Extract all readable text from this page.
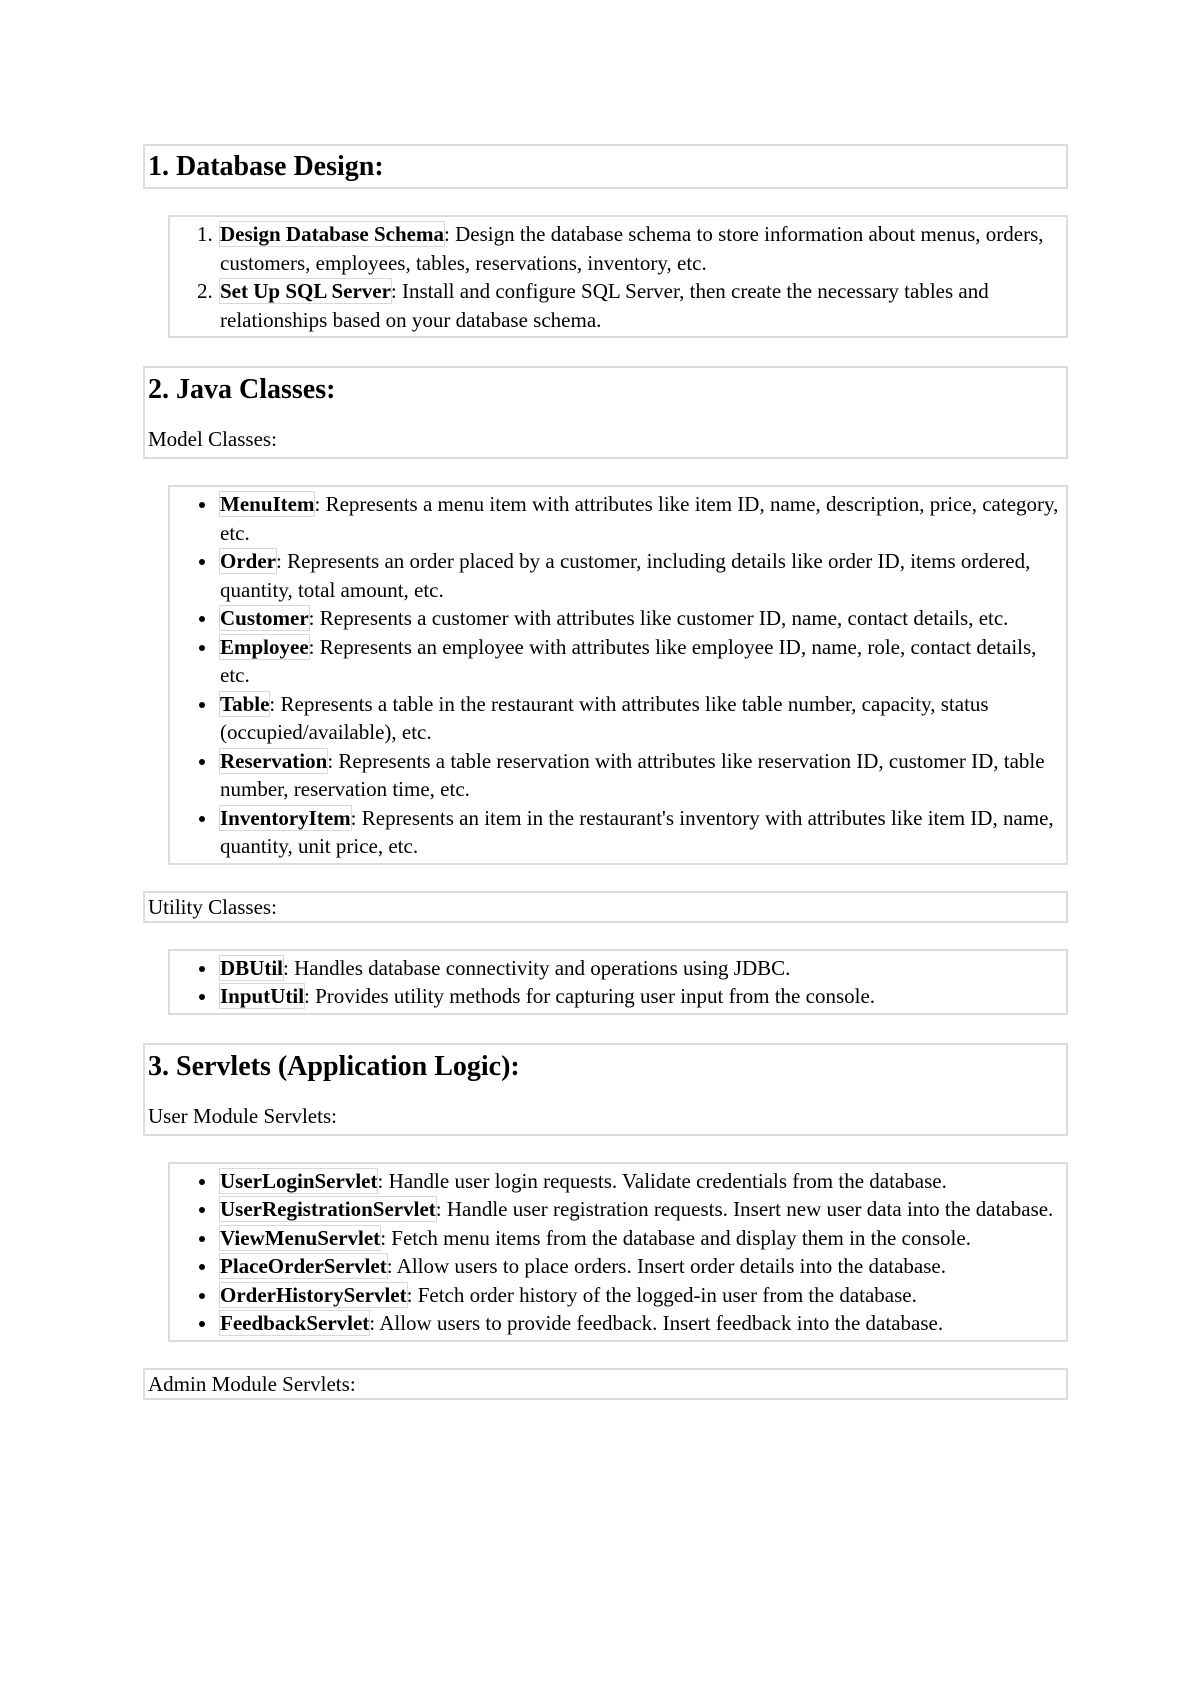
1. Database Design:
1. Design Database Schema: Design the database schema to store information about menus, orders, customers, employees, tables, reservations, inventory, etc.
2. Set Up SQL Server: Install and configure SQL Server, then create the necessary tables and relationships based on your database schema.
2. Java Classes:

Model Classes:

• MenuItem: Represents a menu item with attributes like item ID, name, description, price, category, etc.
• Order: Represents an order placed by a customer, including details like order ID, items ordered, quantity, total amount, etc.
• Customer: Represents a customer with attributes like customer ID, name, contact details, etc.
• Employee: Represents an employee with attributes like employee ID, name, role, contact details, etc.
• Table: Represents a table in the restaurant with attributes like table number, capacity, status (occupied/available), etc.
• Reservation: Represents a table reservation with attributes like reservation ID, customer ID, table number, reservation time, etc.
• InventoryItem: Represents an item in the restaurant's inventory with attributes like item ID, name, quantity, unit price, etc.
Utility Classes:
• DBUtil: Handles database connectivity and operations using JDBC.
• InputUtil: Provides utility methods for capturing user input from the console.
3. Servlets (Application Logic):

User Module Servlets:

• UserLoginServlet: Handle user login requests. Validate credentials from the database.
• UserRegistrationServlet: Handle user registration requests. Insert new user data into the database.
• ViewMenuServlet: Fetch menu items from the database and display them in the console.
• PlaceOrderServlet: Allow users to place orders. Insert order details into the database.
• OrderHistoryServlet: Fetch order history of the logged-in user from the database.
• FeedbackServlet: Allow users to provide feedback. Insert feedback into the database.
Admin Module Servlets:
